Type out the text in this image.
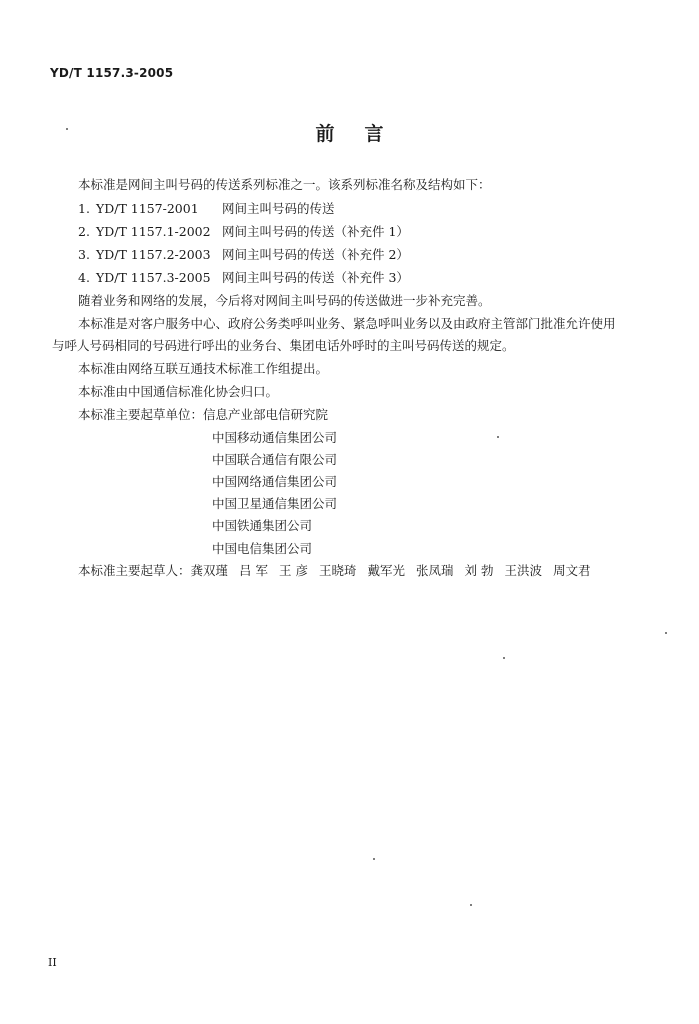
YD/T 1157.3-2005
前 言
本标准是网间主叫号码的传送系列标准之一。该系列标准名称及结构如下：
1. YD/T 1157-2001 网间主叫号码的传送
2. YD/T 1157.1-2002 网间主叫号码的传送（补充件 1）
3. YD/T 1157.2-2003 网间主叫号码的传送（补充件 2）
4. YD/T 1157.3-2005 网间主叫号码的传送（补充件 3）
随着业务和网络的发展，今后将对网间主叫号码的传送做进一步补充完善。
本标准是对客户服务中心、政府公务类呼叫业务、紧急呼叫业务以及由政府主管部门批准允许使用
与呼人号码相同的号码进行呼出的业务台、集团电话外呼时的主叫号码传送的规定。
本标准由网络互联互通技术标准工作组提出。
本标准由中国通信标准化协会归口。
本标准主要起草单位：信息产业部电信研究院
中国移动通信集团公司
中国联合通信有限公司
中国网络通信集团公司
中国卫星通信集团公司
中国铁通集团公司
中国电信集团公司
本标准主要起草人：龚双瑾 吕 军 王 彦 王晓琦 戴军光 张凤瑞 刘 勃 王洪波 周文君
II
